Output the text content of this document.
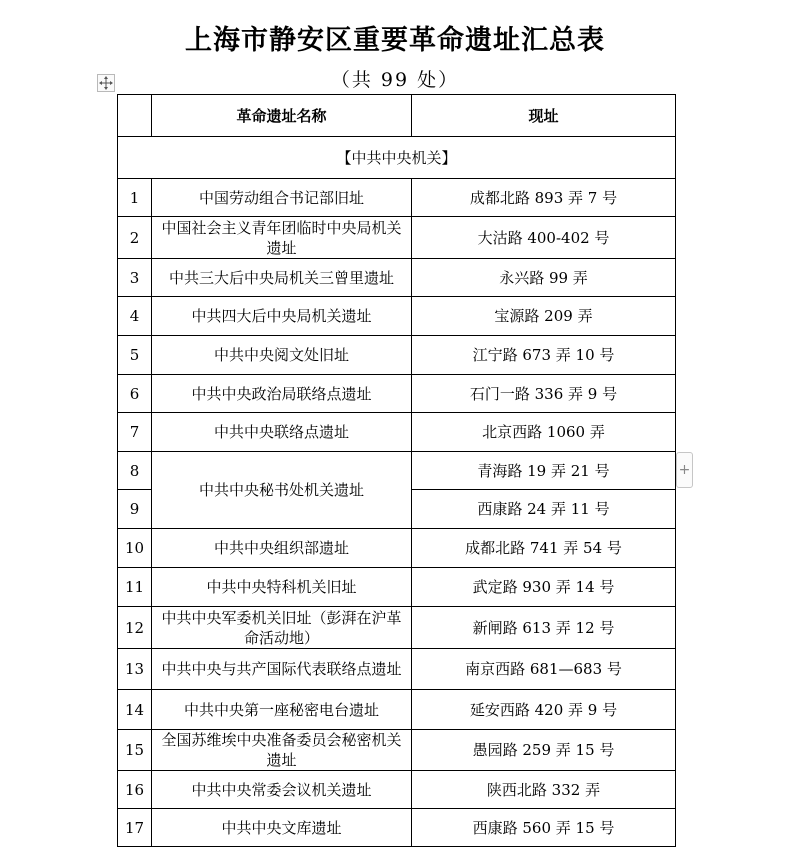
上海市静安区重要革命遗址汇总表
（共 99 处）
+
	革命遗址名称	现址
【中共中央机关】		
1	中国劳动组合书记部旧址	成都北路 893 弄 7 号
2	中国社会主义青年团临时中央局机关遗址	大沽路 400-402 号
3	中共三大后中央局机关三曾里遗址	永兴路 99 弄
4	中共四大后中央局机关遗址	宝源路 209 弄
5	中共中央阅文处旧址	江宁路 673 弄 10 号
6	中共中央政治局联络点遗址	石门一路 336 弄 9 号
7	中共中央联络点遗址	北京西路 1060 弄
8	中共中央秘书处机关遗址	青海路 19 弄 21 号
9		西康路 24 弄 11 号
10	中共中央组织部遗址	成都北路 741 弄 54 号
11	中共中央特科机关旧址	武定路 930 弄 14 号
12	中共中央军委机关旧址（彭湃在沪革命活动地）	新闸路 613 弄 12 号
13	中共中央与共产国际代表联络点遗址	南京西路 681—683 号
14	中共中央第一座秘密电台遗址	延安西路 420 弄 9 号
15	全国苏维埃中央准备委员会秘密机关遗址	愚园路 259 弄 15 号
16	中共中央常委会议机关遗址	陕西北路 332 弄
17	中共中央文库遗址	西康路 560 弄 15 号
